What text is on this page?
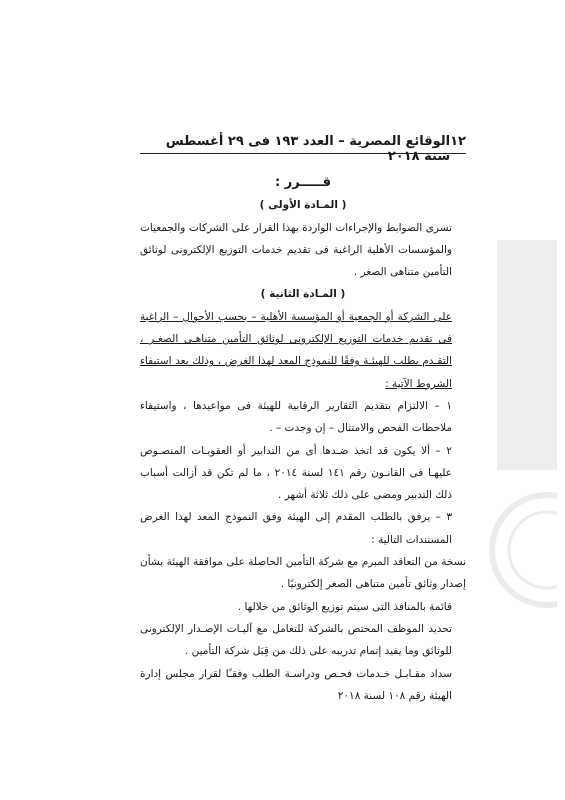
١٢
الوقائع المصرية – العدد ١٩٣ فى ٢٩ أغسطس سنة ٢٠١٨

قـــــرر :

( المـادة الأولى )

تسرى الضوابط والإجراءات الواردة بهذا القرار على الشركات والجمعيات والمؤسسات الأهلية الراغبة فى تقديم خدمات التوزيع الإلكترونى لوثائق التأمين متناهى الصغر .

( المـادة الثانية )

على الشركة أو الجمعية أو المؤسسة الأهلية – بحسب الأحوال – الراغبة فى تقديم خدمات التوزيع الإلكترونى لوثائق التأمين متناهـى الصغـر ، التقـدم بطلب للهيئـة وفقًا للنموذج المعد لهذا الغرض ، وذلك بعد استيفاء الشروط الآتية :

١ – الالتزام بتقديم التقارير الرقابية للهيئة فى مواعيدها ، واستيفاء ملاحظات الفحص والامتثال – إن وجدت – .

٢ – ألا يكون قد اتخذ ضـدها أى من التدابير أو العقوبـات المنصـوص عليهـا فى القانـون رقم ١٤١ لسنة ٢٠١٤ ، ما لم تكن قد أزالت أسباب ذلك التدبير ومضى على ذلك ثلاثة أشهر .

٣ – يرفق بالطلب المقدم إلى الهيئة وفق النموذج المعد لهذا الغرض المستندات التالية :

نسخة من التعاقد المبرم مع شركة التأمين الحاصلة على موافقة الهيئة بشأن إصدار وثائق تأمين متناهى الصغر إلكترونيًا .

قائمة بالمنافذ التى سيتم توزيع الوثائق من خلالها .

تحديد الموظف المختص بالشركة للتعامل مع آليـات الإصـدار الإلكترونى للوثائق وما يفيد إتمام تدريبه على ذلك من قِبَل شركة التأمين .

سداد مقـابـل خـدمات فحـص ودراسـة الطلب وفقـًا لقرار مجلس إدارة الهيئة رقم ١٠٨ لسنة ٢٠١٨
